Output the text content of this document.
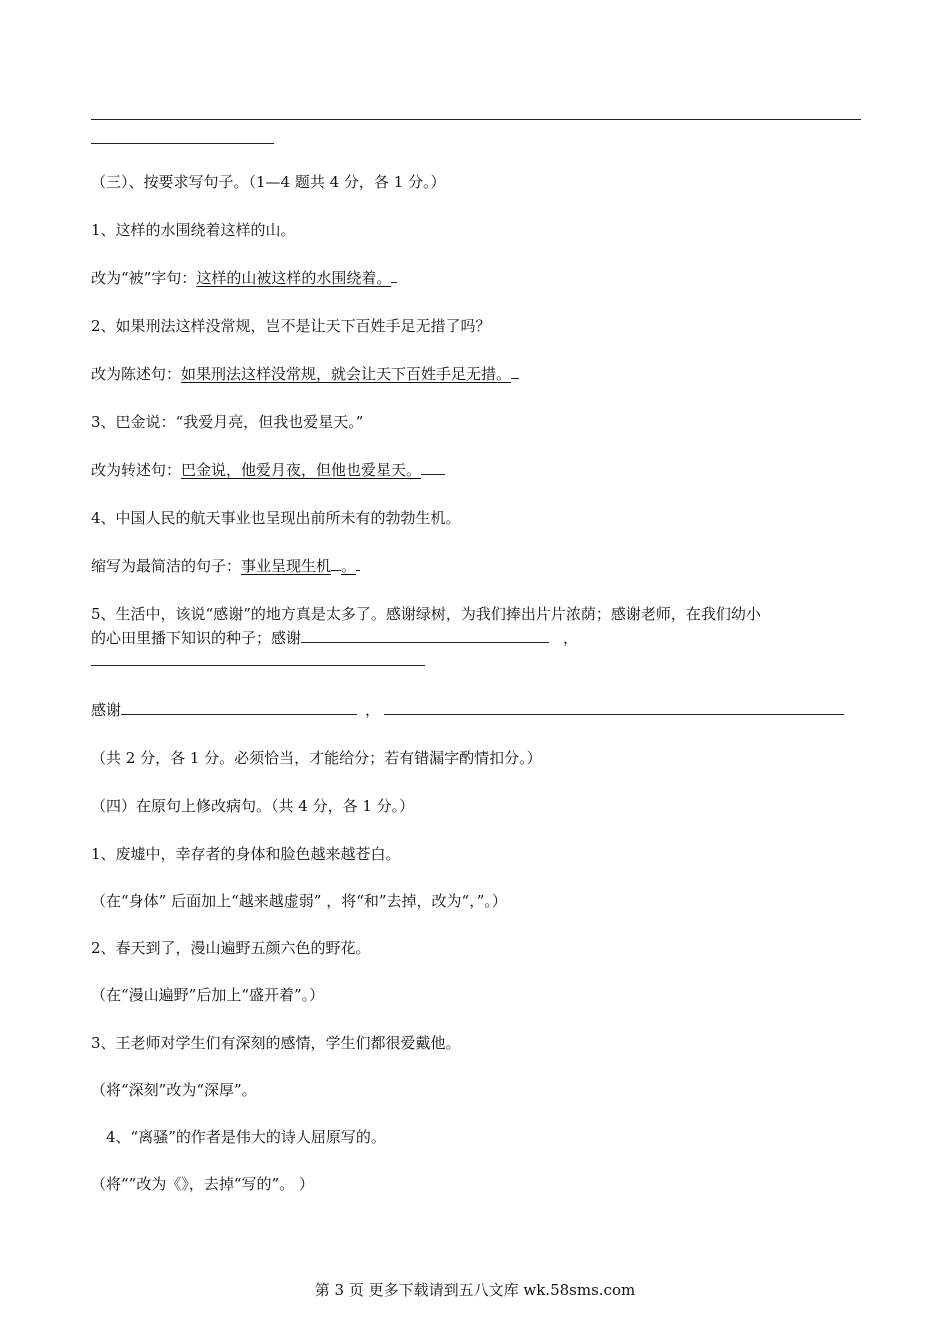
（三）、按要求写句子。（1—4 题共 4 分，各 1 分。）
1、这样的水围绕着这样的山。
改为“被”字句：这样的山被这样的水围绕着。
2、如果刑法这样没常规，岂不是让天下百姓手足无措了吗？
改为陈述句：如果刑法这样没常规，就会让天下百姓手足无措。
3、巴金说：“我爱月亮，但我也爱星天。”
改为转述句：巴金说，他爱月夜，但他也爱星天。
4、中国人民的航天事业也呈现出前所未有的勃勃生机。
缩写为最简洁的句子：事业呈现生机 。
5、生活中，该说“感谢”的地方真是太多了。感谢绿树，为我们捧出片片浓荫；感谢老师，在我们幼小
的心田里播下知识的种子；感谢	，
感谢	，
（共 2 分，各 1 分。必须恰当，才能给分；若有错漏字酌情扣分。）
（四）在原句上修改病句。（共 4 分，各 1 分。）
1、废墟中，幸存者的身体和脸色越来越苍白。
（在“身体” 后面加上“越来越虚弱” ，将“和”去掉，改为“，”。）
2、春天到了，漫山遍野五颜六色的野花。
（在“漫山遍野”后加上“盛开着”。）
3、王老师对学生们有深刻的感情，学生们都很爱戴他。
（将“深刻”改为“深厚”。
4、“离骚”的作者是伟大的诗人屈原写的。
（将“”改为《》，去掉“写的”。 ）
第 3 页 更多下载请到五八文库 wk.58sms.com
